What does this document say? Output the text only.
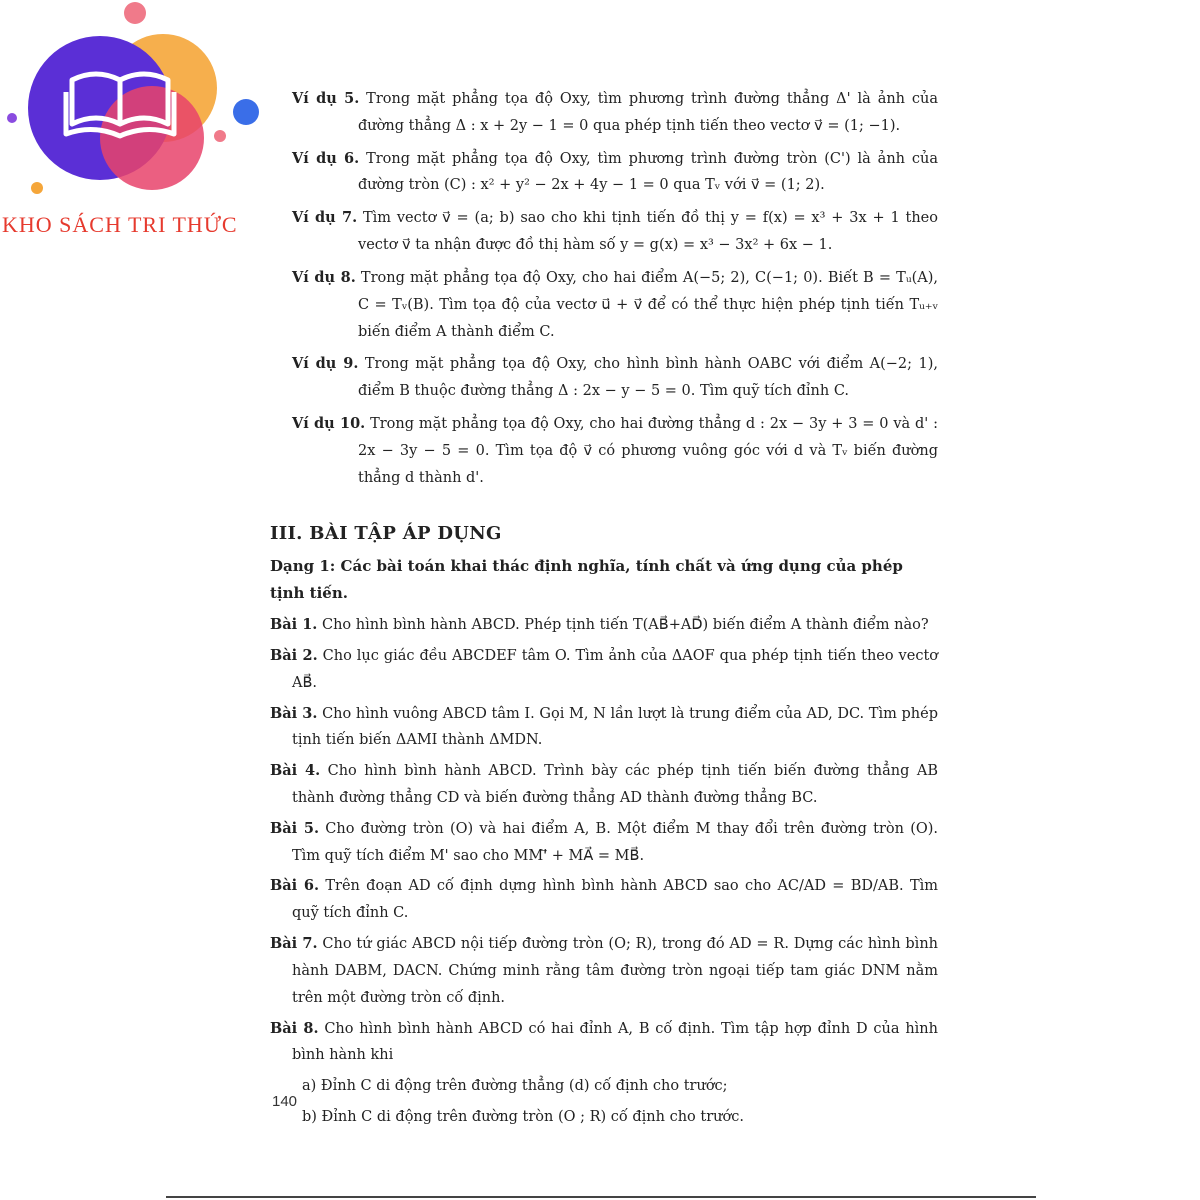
KHO SÁCH TRI THỨC

Ví dụ 5. Trong mặt phẳng tọa độ Oxy, tìm phương trình đường thẳng Δ' là ảnh của đường thẳng Δ : x + 2y − 1 = 0 qua phép tịnh tiến theo vectơ v⃗ = (1; −1).

Ví dụ 6. Trong mặt phẳng tọa độ Oxy, tìm phương trình đường tròn (C') là ảnh của đường tròn (C) : x² + y² − 2x + 4y − 1 = 0 qua Tᵥ với v⃗ = (1; 2).

Ví dụ 7. Tìm vectơ v⃗ = (a; b) sao cho khi tịnh tiến đồ thị y = f(x) = x³ + 3x + 1 theo vectơ v⃗ ta nhận được đồ thị hàm số y = g(x) = x³ − 3x² + 6x − 1.

Ví dụ 8. Trong mặt phẳng tọa độ Oxy, cho hai điểm A(−5; 2), C(−1; 0). Biết B = Tᵤ(A), C = Tᵥ(B). Tìm tọa độ của vectơ u⃗ + v⃗ để có thể thực hiện phép tịnh tiến Tᵤ₊ᵥ biến điểm A thành điểm C.

Ví dụ 9. Trong mặt phẳng tọa độ Oxy, cho hình bình hành OABC với điểm A(−2; 1), điểm B thuộc đường thẳng Δ : 2x − y − 5 = 0. Tìm quỹ tích đỉnh C.

Ví dụ 10. Trong mặt phẳng tọa độ Oxy, cho hai đường thẳng d : 2x − 3y + 3 = 0 và d' : 2x − 3y − 5 = 0. Tìm tọa độ v⃗ có phương vuông góc với d và Tᵥ biến đường thẳng d thành d'.

III. BÀI TẬP ÁP DỤNG
Dạng 1: Các bài toán khai thác định nghĩa, tính chất và ứng dụng của phép tịnh tiến.

Bài 1. Cho hình bình hành ABCD. Phép tịnh tiến T(AB⃗+AD⃗) biến điểm A thành điểm nào?

Bài 2. Cho lục giác đều ABCDEF tâm O. Tìm ảnh của ΔAOF qua phép tịnh tiến theo vectơ AB⃗.

Bài 3. Cho hình vuông ABCD tâm I. Gọi M, N lần lượt là trung điểm của AD, DC. Tìm phép tịnh tiến biến ΔAMI thành ΔMDN.

Bài 4. Cho hình bình hành ABCD. Trình bày các phép tịnh tiến biến đường thẳng AB thành đường thẳng CD và biến đường thẳng AD thành đường thẳng BC.

Bài 5. Cho đường tròn (O) và hai điểm A, B. Một điểm M thay đổi trên đường tròn (O). Tìm quỹ tích điểm M' sao cho MM'⃗ + MA⃗ = MB⃗.

Bài 6. Trên đoạn AD cố định dựng hình bình hành ABCD sao cho AC/AD = BD/AB. Tìm quỹ tích đỉnh C.

Bài 7. Cho tứ giác ABCD nội tiếp đường tròn (O; R), trong đó AD = R. Dựng các hình bình hành DABM, DACN. Chứng minh rằng tâm đường tròn ngoại tiếp tam giác DNM nằm trên một đường tròn cố định.

Bài 8. Cho hình bình hành ABCD có hai đỉnh A, B cố định. Tìm tập hợp đỉnh D của hình bình hành khi

a) Đỉnh C di động trên đường thẳng (d) cố định cho trước;

b) Đỉnh C di động trên đường tròn (O ; R) cố định cho trước.

140
